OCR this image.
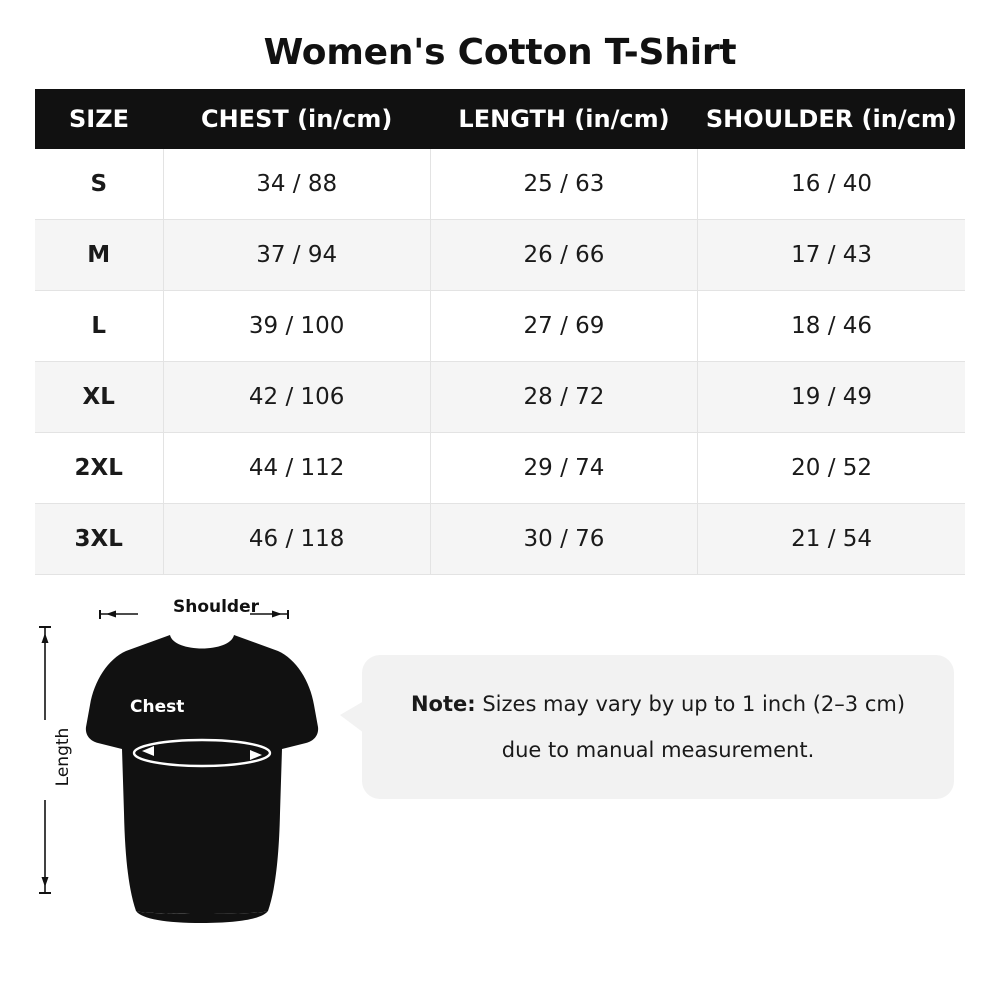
Women's Cotton T-Shirt
SIZE	CHEST (in/cm)	LENGTH (in/cm)	SHOULDER (in/cm)
S	34 / 88	25 / 63	16 / 40
M	37 / 94	26 / 66	17 / 43
L	39 / 100	27 / 69	18 / 46
XL	42 / 106	28 / 72	19 / 49
2XL	44 / 112	29 / 74	20 / 52
3XL	46 / 118	30 / 76	21 / 54
Shoulder
Length
Chest	Note: Sizes may vary by up to 1 inch (2–3 cm)
due to manual measurement.
